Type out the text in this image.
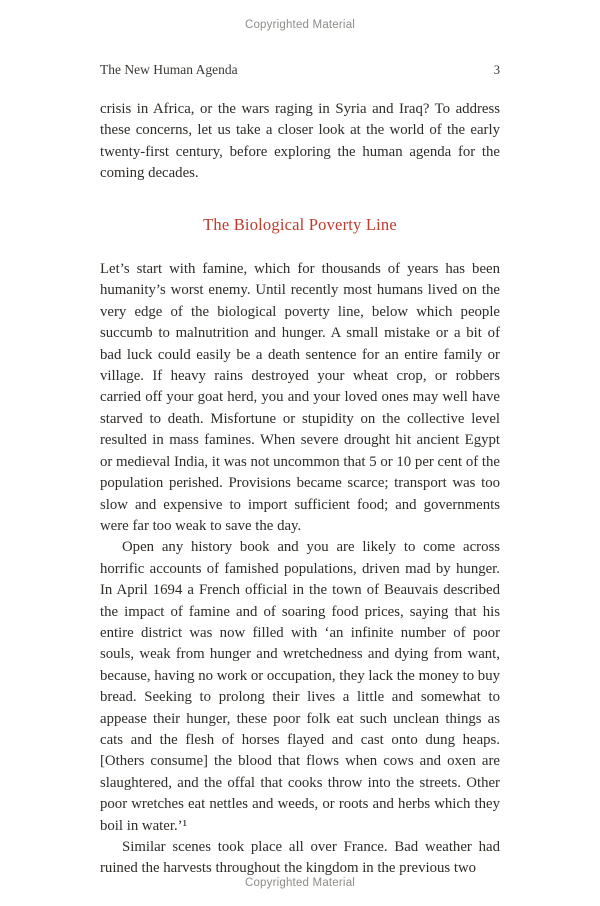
Copyrighted Material
The New Human Agenda	3

crisis in Africa, or the wars raging in Syria and Iraq? To address these concerns, let us take a closer look at the world of the early twenty-first century, before exploring the human agenda for the coming decades.

The Biological Poverty Line

Let’s start with famine, which for thousands of years has been humanity’s worst enemy. Until recently most humans lived on the very edge of the biological poverty line, below which people succumb to malnutrition and hunger. A small mistake or a bit of bad luck could easily be a death sentence for an entire family or village. If heavy rains destroyed your wheat crop, or robbers carried off your goat herd, you and your loved ones may well have starved to death. Misfortune or stupidity on the collective level resulted in mass famines. When severe drought hit ancient Egypt or medieval India, it was not uncommon that 5 or 10 per cent of the population perished. Provisions became scarce; transport was too slow and expensive to import sufficient food; and governments were far too weak to save the day.

Open any history book and you are likely to come across horrific accounts of famished populations, driven mad by hunger. In April 1694 a French official in the town of Beauvais described the impact of famine and of soaring food prices, saying that his entire district was now filled with ‘an infinite number of poor souls, weak from hunger and wretchedness and dying from want, because, having no work or occupation, they lack the money to buy bread. Seeking to prolong their lives a little and somewhat to appease their hunger, these poor folk eat such unclean things as cats and the flesh of horses flayed and cast onto dung heaps. [Others consume] the blood that flows when cows and oxen are slaughtered, and the offal that cooks throw into the streets. Other poor wretches eat nettles and weeds, or roots and herbs which they boil in water.’¹

Similar scenes took place all over France. Bad weather had ruined the harvests throughout the kingdom in the previous two

Copyrighted Material
